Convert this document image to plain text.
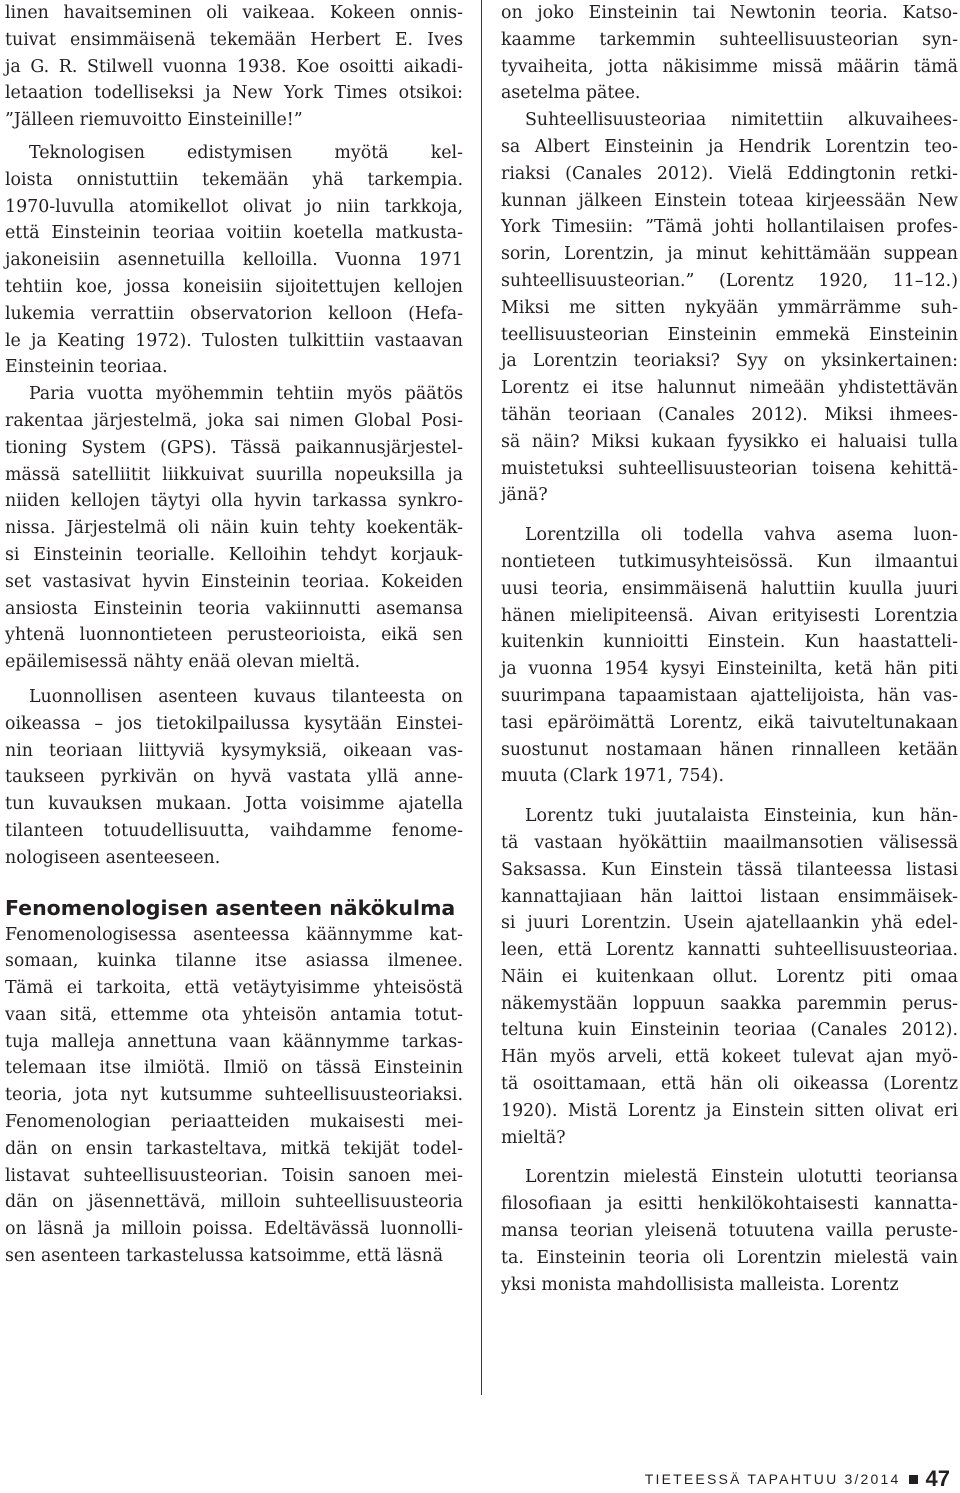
linen havaitseminen oli vaikeaa. Kokeen onnis-
tuivat ensimmäisenä tekemään Herbert E. Ives
ja G. R. Stilwell vuonna 1938. Koe osoitti aikadi-
letaation todelliseksi ja New York Times otsikoi:
”Jälleen riemuvoitto Einsteinille!”

Teknologisen edistymisen myötä kel-
loista onnistuttiin tekemään yhä tarkempia.
1970-luvulla atomikellot olivat jo niin tarkkoja,
että Einsteinin teoriaa voitiin koetella matkusta-
jakoneisiin asennetuilla kelloilla. Vuonna 1971
tehtiin koe, jossa koneisiin sijoitettujen kellojen
lukemia verrattiin observatorion kelloon (Hefa-
le ja Keating 1972). Tulosten tulkittiin vastaavan
Einsteinin teoriaa.

Paria vuotta myöhemmin tehtiin myös päätös
rakentaa järjestelmä, joka sai nimen Global Posi-
tioning System (GPS). Tässä paikannusjärjestel-
mässä satelliitit liikkuivat suurilla nopeuksilla ja
niiden kellojen täytyi olla hyvin tarkassa synkro-
nissa. Järjestelmä oli näin kuin tehty koekentäk-
si Einsteinin teorialle. Kelloihin tehdyt korjauk-
set vastasivat hyvin Einsteinin teoriaa. Kokeiden
ansiosta Einsteinin teoria vakiinnutti asemansa
yhtenä luonnontieteen perusteorioista, eikä sen
epäilemisessä nähty enää olevan mieltä.

Luonnollisen asenteen kuvaus tilanteesta on
oikeassa – jos tietokilpailussa kysytään Einstei-
nin teoriaan liittyviä kysymyksiä, oikeaan vas-
taukseen pyrkivän on hyvä vastata yllä anne-
tun kuvauksen mukaan. Jotta voisimme ajatella
tilanteen totuudellisuutta, vaihdamme fenome-
nologiseen asenteeseen.

Fenomenologisen asenteen näkökulma

Fenomenologisessa asenteessa käännymme kat-
somaan, kuinka tilanne itse asiassa ilmenee.
Tämä ei tarkoita, että vetäytyisimme yhteisöstä
vaan sitä, ettemme ota yhteisön antamia totut-
tuja malleja annettuna vaan käännymme tarkas-
telemaan itse ilmiötä. Ilmiö on tässä Einsteinin
teoria, jota nyt kutsumme suhteellisuusteoriaksi.
Fenomenologian periaatteiden mukaisesti mei-
dän on ensin tarkasteltava, mitkä tekijät todel-
listavat suhteellisuusteorian. Toisin sanoen mei-
dän on jäsennettävä, milloin suhteellisuusteoria
on läsnä ja milloin poissa. Edeltävässä luonnolli-
sen asenteen tarkastelussa katsoimme, että läsnä

on joko Einsteinin tai Newtonin teoria. Katso-
kaamme tarkemmin suhteellisuusteorian syn-
tyvaiheita, jotta näkisimme missä määrin tämä
asetelma pätee.

Suhteellisuusteoriaa nimitettiin alkuvaihees-
sa Albert Einsteinin ja Hendrik Lorentzin teo-
riaksi (Canales 2012). Vielä Eddingtonin retki-
kunnan jälkeen Einstein toteaa kirjeessään New
York Timesiin: ”Tämä johti hollantilaisen profes-
sorin, Lorentzin, ja minut kehittämään suppean
suhteellisuusteorian.” (Lorentz 1920, 11–12.)
Miksi me sitten nykyään ymmärrämme suh-
teellisuusteorian Einsteinin emmekä Einsteinin
ja Lorentzin teoriaksi? Syy on yksinkertainen:
Lorentz ei itse halunnut nimeään yhdistettävän
tähän teoriaan (Canales 2012). Miksi ihmees-
sä näin? Miksi kukaan fyysikko ei haluaisi tulla
muistetuksi suhteellisuusteorian toisena kehittä-
jänä?

Lorentzilla oli todella vahva asema luon-
nontieteen tutkimusyhteisössä. Kun ilmaantui
uusi teoria, ensimmäisenä haluttiin kuulla juuri
hänen mielipiteensä. Aivan erityisesti Lorentzia
kuitenkin kunnioitti Einstein. Kun haastatteli-
ja vuonna 1954 kysyi Einsteinilta, ketä hän piti
suurimpana tapaamistaan ajattelijoista, hän vas-
tasi epäröimättä Lorentz, eikä taivuteltunakaan
suostunut nostamaan hänen rinnalleen ketään
muuta (Clark 1971, 754).

Lorentz tuki juutalaista Einsteinia, kun hän-
tä vastaan hyökättiin maailmansotien välisessä
Saksassa. Kun Einstein tässä tilanteessa listasi
kannattajiaan hän laittoi listaan ensimmäisek-
si juuri Lorentzin. Usein ajatellaankin yhä edel-
leen, että Lorentz kannatti suhteellisuusteoriaa.
Näin ei kuitenkaan ollut. Lorentz piti omaa
näkemystään loppuun saakka paremmin perus-
teltuna kuin Einsteinin teoriaa (Canales 2012).
Hän myös arveli, että kokeet tulevat ajan myö-
tä osoittamaan, että hän oli oikeassa (Lorentz
1920). Mistä Lorentz ja Einstein sitten olivat eri
mieltä?

Lorentzin mielestä Einstein ulotutti teoriansa
filosofiaan ja esitti henkilökohtaisesti kannatta-
mansa teorian yleisenä totuutena vailla peruste-
ta. Einsteinin teoria oli Lorentzin mielestä vain
yksi monista mahdollisista malleista. Lorentz

TIETEESSÄ TAPAHTUU 3/2014 47
